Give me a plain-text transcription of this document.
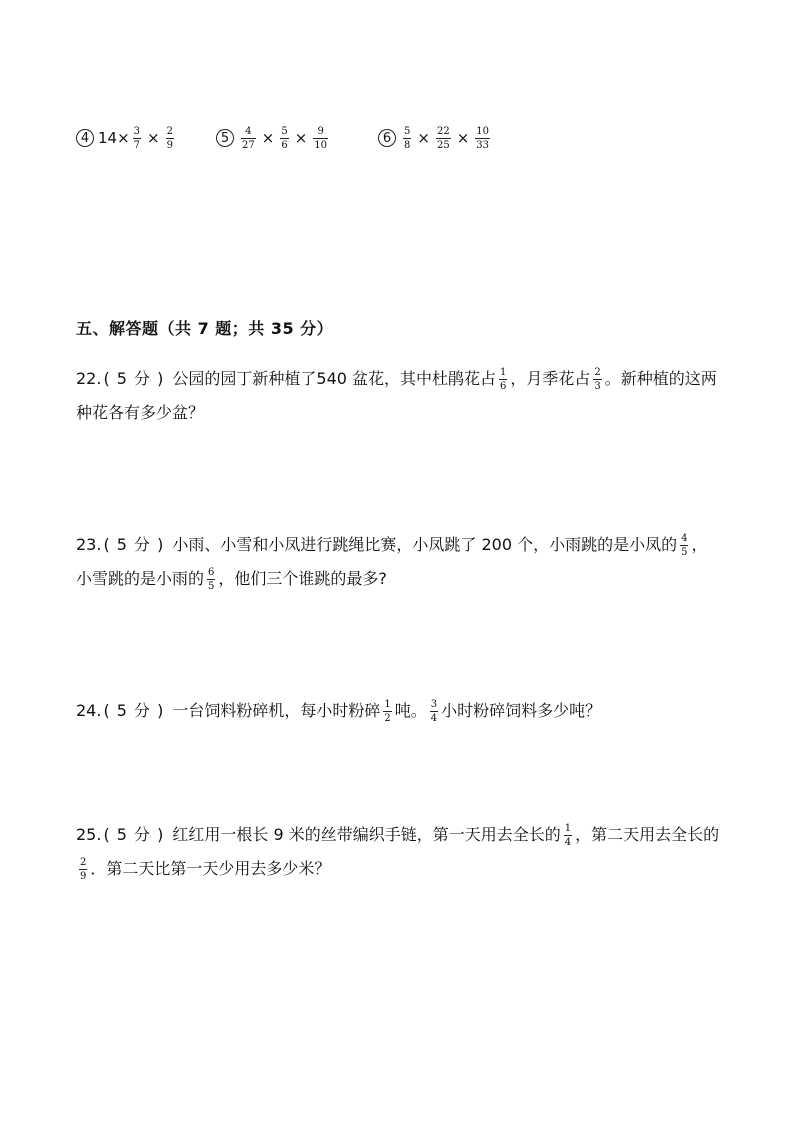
4 $14\times \frac{3}{7} \times \frac{2}{9}$	5	$\frac{4}{27} \times \frac{5}{6} \times \frac{9}{10}$	6	$\frac{5}{8} \times \frac{22}{25} \times \frac{10}{33}$
五、解答题（共 7 题；共 35 分）
22. ( 5 分 ) 公园的园丁新种植了540 盆花，其中杜鹃花占 $\frac{1}{6}$ ，月季花占 $\frac{2}{3}$ 。新种植的这两种花各有多少盆？
23. ( 5 分 ) 小雨、小雪和小凤进行跳绳比赛，小凤跳了 200 个，小雨跳的是小凤的 $\frac{4}{5}$ ，小雪跳的是小雨的 $\frac{6}{5}$ ，他们三个谁跳的最多?
24. ( 5 分 ) 一台饲料粉碎机，每小时粉碎 $\frac{1}{2}$ 吨。 $\frac{3}{4}$ 小时粉碎饲料多少吨？
25. ( 5 分 ) 红红用一根长 9 米的丝带编织手链，第一天用去全长的 $\frac{1}{4}$ ，第二天用去全长的
$\frac{2}{9}$ ．第二天比第一天少用去多少米？
